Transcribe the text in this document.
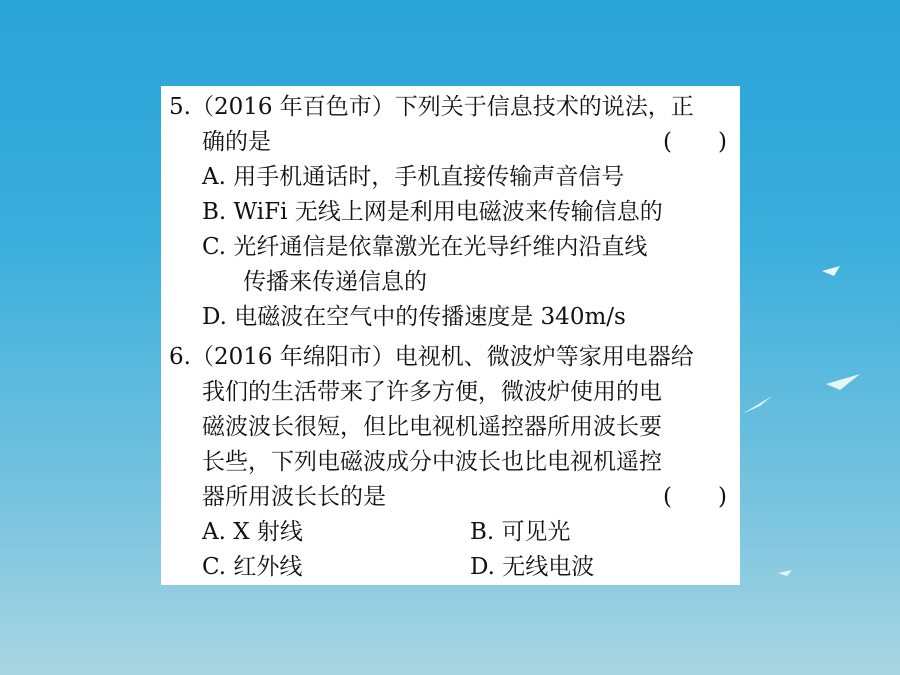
5.（2016 年百色市）下列关于信息技术的说法，正
确的是	(　　)
A. 用手机通话时，手机直接传输声音信号
B. WiFi 无线上网是利用电磁波来传输信息的
C. 光纤通信是依靠激光在光导纤维内沿直线
传播来传递信息的
D. 电磁波在空气中的传播速度是 340m/s
6.（2016 年绵阳市）电视机、微波炉等家用电器给
我们的生活带来了许多方便，微波炉使用的电
磁波波长很短，但比电视机遥控器所用波长要
长些，下列电磁波成分中波长也比电视机遥控
器所用波长长的是	(　　)
A. X 射线	B. 可见光
C. 红外线	D. 无线电波
